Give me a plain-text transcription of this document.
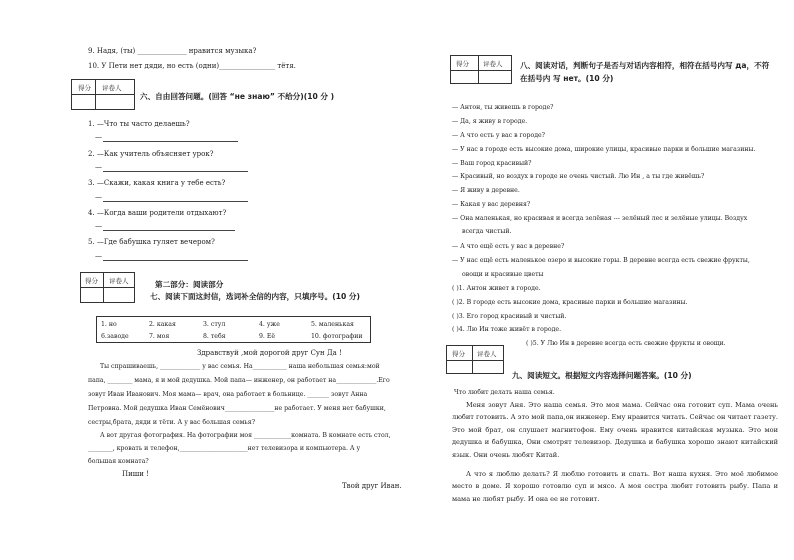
9. Надя, (ты) ______________ нравится музыка?
10. У Пети нет дяди, но есть (одни)________________ тётя.
得分 评卷人
六、自由回答问题。(回答 “не знаю” 不给分)(10 分 )
1. —Что ты часто делаешь?
—
2. —Как учитель объясняет урок?
—
3. —Скажи, какая книга у тебе есть?
—
4. —Когда ваши родители отдыхают?
—
5. —Где бабушка гуляет вечером?
—
得分 评卷人	第二部分：阅读部分
七、阅读下面这封信，选词补全信的内容，只填序号。(10 分)
1. но	2. какая	3. стул	4. уже	5. маленькая
6.заводе	7. моя	8. тебя	9. Её	10. фотографии
Здравствуй ,мой дорогой друг Сун Да !
Ты спрашиваешь, _____________ у вас семья. На___________ наша небольшая семья:мой
папа, ________ мама, я и мой дедушка. Мой папа— инженер, он работает на_____________.Его
зовут Иван Иванович. Моя мама— врач, она работает в больнице. _______ зовут Анна
Петровна. Мой дедушка Иван Семёнович________________не работает. У меня нет бабушки,
сестры,брата, дяди и тёти. А у вас большая семья?
А вот другая фотография. На фотографии моя ____________комната. В комнате есть стол,
________, кровать и телефон,______________________нет телевизора и компьютера. А у
большая комната?
Пиши !
Твой друг Иван.
得分 评卷人 八、阅读对话，判断句子是否与对话内容相符，相符在括号内写 да，不符
在括号内 写 нет。(10 分)
— Антон, ты живешь в городе?
— Да, я живу в городе.
— А что есть у вас в городе?
— У нас в городе есть высокие дома, широкие улицы, красивые парки и большие магазины.
— Ваш город красивый?
— Красивый, но воздух в городе не очень чистый. Лю Ин , а ты где живёшь?
— Я живу в деревне.
— Какая у вас деревня?
— Она маленькая, но красивая и всегда зелёная --- зелёный лес и зелёные улицы. Воздух
всегда чистый.
— А что ещё есть у вас в деревне?
— У нас ещё есть маленькое озеро и высокие горы. В деревне всегда есть свежие фрукты,
овощи и красивые цветы
( )1. Антон живет в городе.
( )2. В городе есть высокие дома, красивые парки и большие магазины.
( )3. Его город красивый и чистый.
( )4. Лю Ин тоже живёт в городе.
( )5. У Лю Ин в деревне всегда есть свежие фрукты и овощи.
得分 评卷人
九、阅读短文。根据短文内容选择问题答案。(10 分)
Что любит делать наша семья.
Меня зовут Аня. Это наша семья. Это моя мама. Сейчас она готовит суп. Мама очень любит готовить. А это мой папа,он инженер. Ему нравится читать. Сейчас он читает газету. Это мой брат, он слушает магнитофон. Ему очень нравится китайская музыка. Это мои дедушка и бабушка, Они смотрят телевизор. Дедушка и бабушка хорошо знают китайский язык. Они очень любят Китай.
А что я люблю делать? Я люблю готовить и спать. Вот наша кухня. Это моё любимое место в доме. Я хорошо готовлю суп и мясо. А моя сестра любит готовить рыбу. Папа и мама не любят рыбу. И она ее не готовит.
